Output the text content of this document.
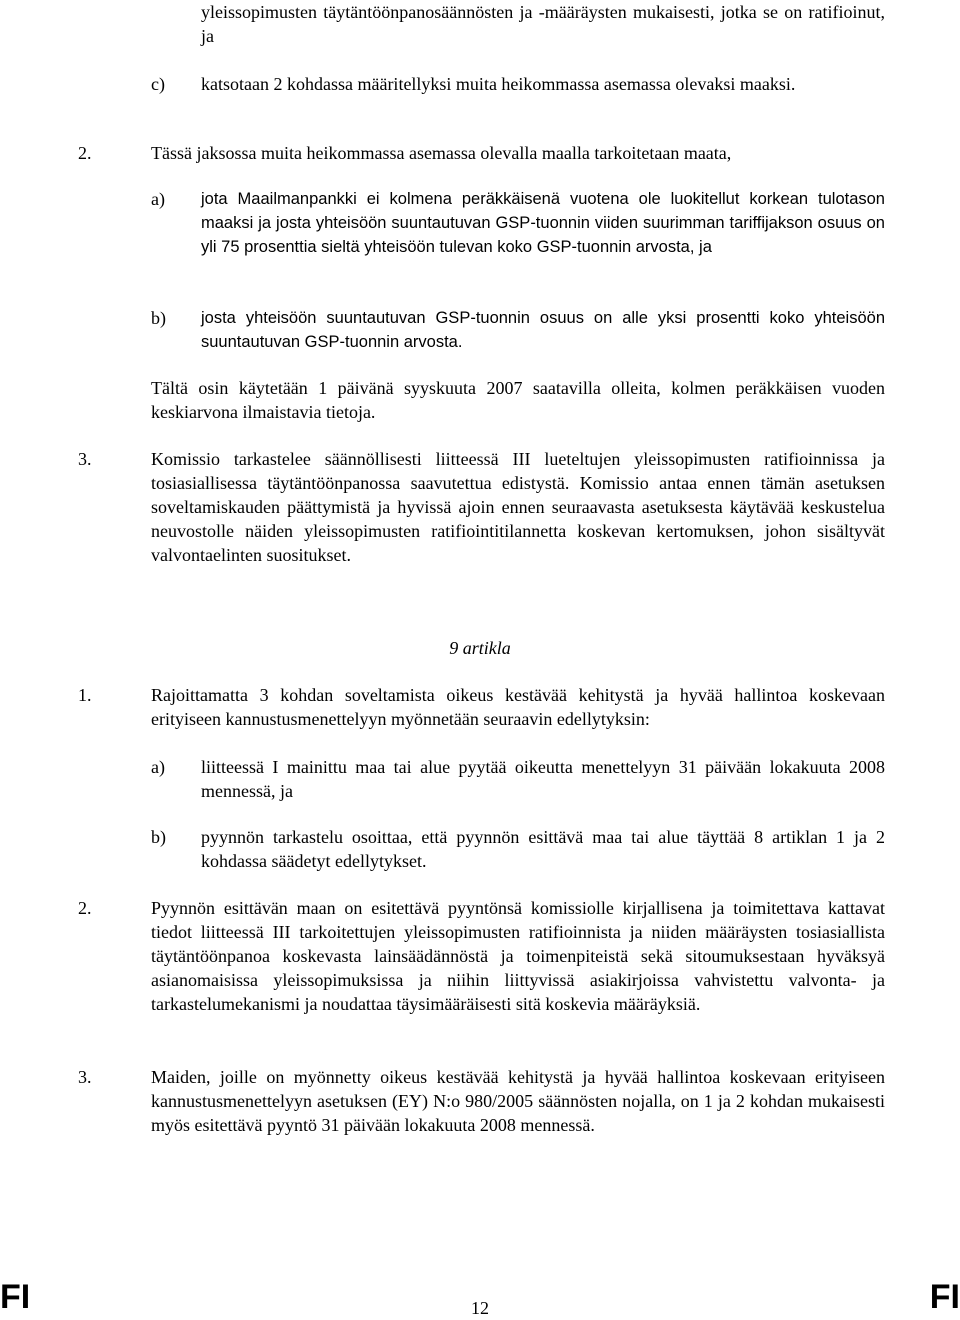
yleissopimusten täytäntöönpanosäännösten ja -määräysten mukaisesti, jotka se on ratifioinut, ja

c) katsotaan 2 kohdassa määritellyksi muita heikommassa asemassa olevaksi maaksi.

2.	Tässä jaksossa muita heikommassa asemassa olevalla maalla tarkoitetaan maata,

a) jota Maailmanpankki ei kolmena peräkkäisenä vuotena ole luokitellut korkean tulotason maaksi ja josta yhteisöön suuntautuvan GSP-tuonnin viiden suurimman tariffijakson osuus on yli 75 prosenttia sieltä yhteisöön tulevan koko GSP-tuonnin arvosta, ja

b) josta yhteisöön suuntautuvan GSP-tuonnin osuus on alle yksi prosentti koko yhteisöön suuntautuvan GSP-tuonnin arvosta.

Tältä osin käytetään 1 päivänä syyskuuta 2007 saatavilla olleita, kolmen peräkkäisen vuoden keskiarvona ilmaistavia tietoja.

3.	Komissio tarkastelee säännöllisesti liitteessä III lueteltujen yleissopimusten ratifioinnissa ja tosiasiallisessa täytäntöönpanossa saavutettua edistystä. Komissio antaa ennen tämän asetuksen soveltamiskauden päättymistä ja hyvissä ajoin ennen seuraavasta asetuksesta käytävää keskustelua neuvostolle näiden yleissopimusten ratifiointitilannetta koskevan kertomuksen, johon sisältyvät valvontaelinten suositukset.

9 artikla
1.	Rajoittamatta 3 kohdan soveltamista oikeus kestävää kehitystä ja hyvää hallintoa koskevaan erityiseen kannustusmenettelyyn myönnetään seuraavin edellytyksin:

a) liitteessä I mainittu maa tai alue pyytää oikeutta menettelyyn 31 päivään lokakuuta 2008 mennessä, ja

b) pyynnön tarkastelu osoittaa, että pyynnön esittävä maa tai alue täyttää 8 artiklan 1 ja 2 kohdassa säädetyt edellytykset.

2.	Pyynnön esittävän maan on esitettävä pyyntönsä komissiolle kirjallisena ja toimitettava kattavat tiedot liitteessä III tarkoitettujen yleissopimusten ratifioinnista ja niiden määräysten tosiasiallista täytäntöönpanoa koskevasta lainsäädännöstä ja toimenpiteistä sekä sitoumuksestaan hyväksyä asianomaisissa yleissopimuksissa ja niihin liittyvissä asiakirjoissa vahvistettu valvonta- ja tarkastelumekanismi ja noudattaa täysimääräisesti sitä koskevia määräyksiä.

3.	Maiden, joille on myönnetty oikeus kestävää kehitystä ja hyvää hallintoa koskevaan erityiseen kannustusmenettelyyn asetuksen (EY) N:o 980/2005 säännösten nojalla, on 1 ja 2 kohdan mukaisesti myös esitettävä pyyntö 31 päivään lokakuuta 2008 mennessä.

FI	12	FI
